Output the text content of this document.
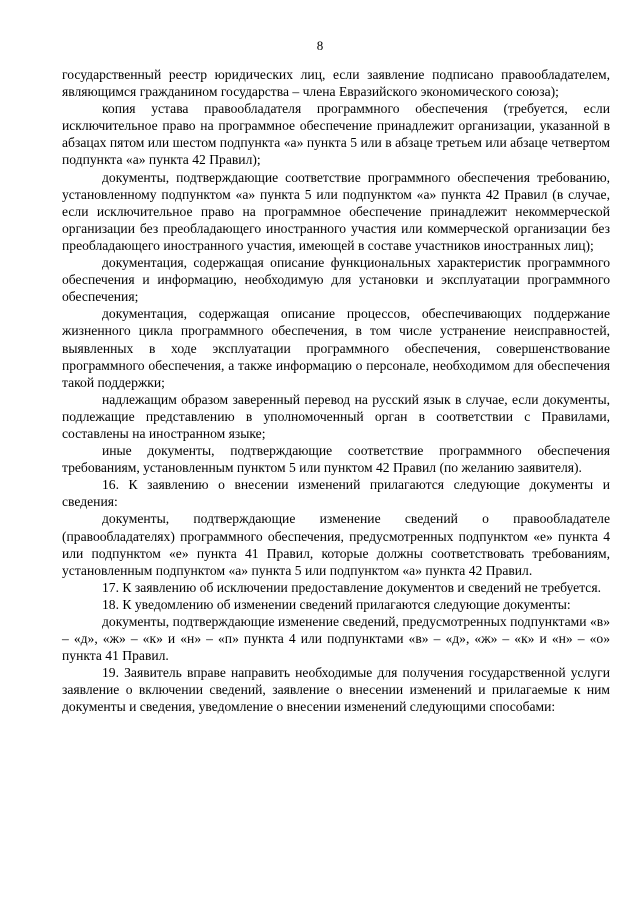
8

государственный реестр юридических лиц, если заявление подписано правообладателем, являющимся гражданином государства – члена Евразийского экономического союза);

копия устава правообладателя программного обеспечения (требуется, если исключительное право на программное обеспечение принадлежит организации, указанной в абзацах пятом или шестом подпункта «а» пункта 5 или в абзаце третьем или абзаце четвертом подпункта «а» пункта 42 Правил);

документы, подтверждающие соответствие программного обеспечения требованию, установленному подпунктом «а» пункта 5 или подпунктом «а» пункта 42 Правил (в случае, если исключительное право на программное обеспечение принадлежит некоммерческой организации без преобладающего иностранного участия или коммерческой организации без преобладающего иностранного участия, имеющей в составе участников иностранных лиц);

документация, содержащая описание функциональных характеристик программного обеспечения и информацию, необходимую для установки и эксплуатации программного обеспечения;

документация, содержащая описание процессов, обеспечивающих поддержание жизненного цикла программного обеспечения, в том числе устранение неисправностей, выявленных в ходе эксплуатации программного обеспечения, совершенствование программного обеспечения, а также информацию о персонале, необходимом для обеспечения такой поддержки;

надлежащим образом заверенный перевод на русский язык в случае, если документы, подлежащие представлению в уполномоченный орган в соответствии с Правилами, составлены на иностранном языке;

иные документы, подтверждающие соответствие программного обеспечения требованиям, установленным пунктом 5 или пунктом 42 Правил (по желанию заявителя).

16. К заявлению о внесении изменений прилагаются следующие документы и сведения:

документы, подтверждающие изменение сведений о правообладателе (правообладателях) программного обеспечения, предусмотренных подпунктом «е» пункта 4 или подпунктом «е» пункта 41 Правил, которые должны соответствовать требованиям, установленным подпунктом «а» пункта 5 или подпунктом «а» пункта 42 Правил.

17. К заявлению об исключении предоставление документов и сведений не требуется.

18. К уведомлению об изменении сведений прилагаются следующие документы:

документы, подтверждающие изменение сведений, предусмотренных подпунктами «в» – «д», «ж» – «к» и «н» – «п» пункта 4 или подпунктами «в» – «д», «ж» – «к» и «н» – «о» пункта 41 Правил.

19. Заявитель вправе направить необходимые для получения государственной услуги заявление о включении сведений, заявление о внесении изменений и прилагаемые к ним документы и сведения, уведомление о внесении изменений следующими способами:
